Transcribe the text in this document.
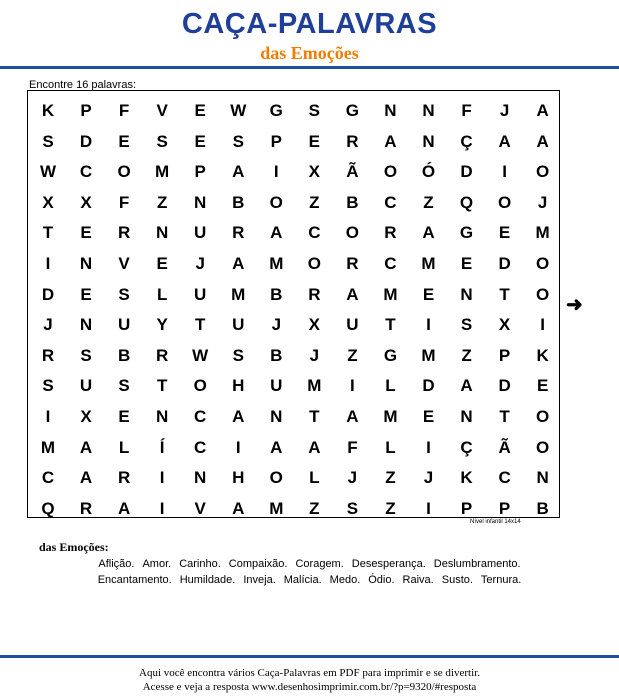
CAÇA-PALAVRAS
das Emoções
Encontre 16 palavras:
K	P	F	V	E	W	G	S	G	N	N	F	J	A
S	D	E	S	E	S	P	E	R	A	N	Ç	A	A
W	C	O	M	P	A	I	X	Ã	O	Ó	D	I	O
X	X	F	Z	N	B	O	Z	B	C	Z	Q	O	J
T	E	R	N	U	R	A	C	O	R	A	G	E	M
I	N	V	E	J	A	M	O	R	C	M	E	D	O
D	E	S	L	U	M	B	R	A	M	E	N	T	O
J	N	U	Y	T	U	J	X	U	T	I	S	X	I
R	S	B	R	W	S	B	J	Z	G	M	Z	P	K
S	U	S	T	O	H	U	M	I	L	D	A	D	E
I	X	E	N	C	A	N	T	A	M	E	N	T	O
M	A	L	Í	C	I	A	A	F	L	I	Ç	Ã	O
C	A	R	I	N	H	O	L	J	Z	J	K	C	N
Q	R	A	I	V	A	M	Z	S	Z	I	P	P	B
➜
Nível infantil 14x14
das Emoções:
Aflição. Amor. Carinho. Compaixão. Coragem. Desesperança. Deslumbramento.
Encantamento. Humildade. Inveja. Malícia. Medo. Ódio. Raiva. Susto. Ternura.
Aqui você encontra vários Caça-Palavras em PDF para imprimir e se divertir.
Acesse e veja a resposta www.desenhosimprimir.com.br/?p=9320/#resposta
